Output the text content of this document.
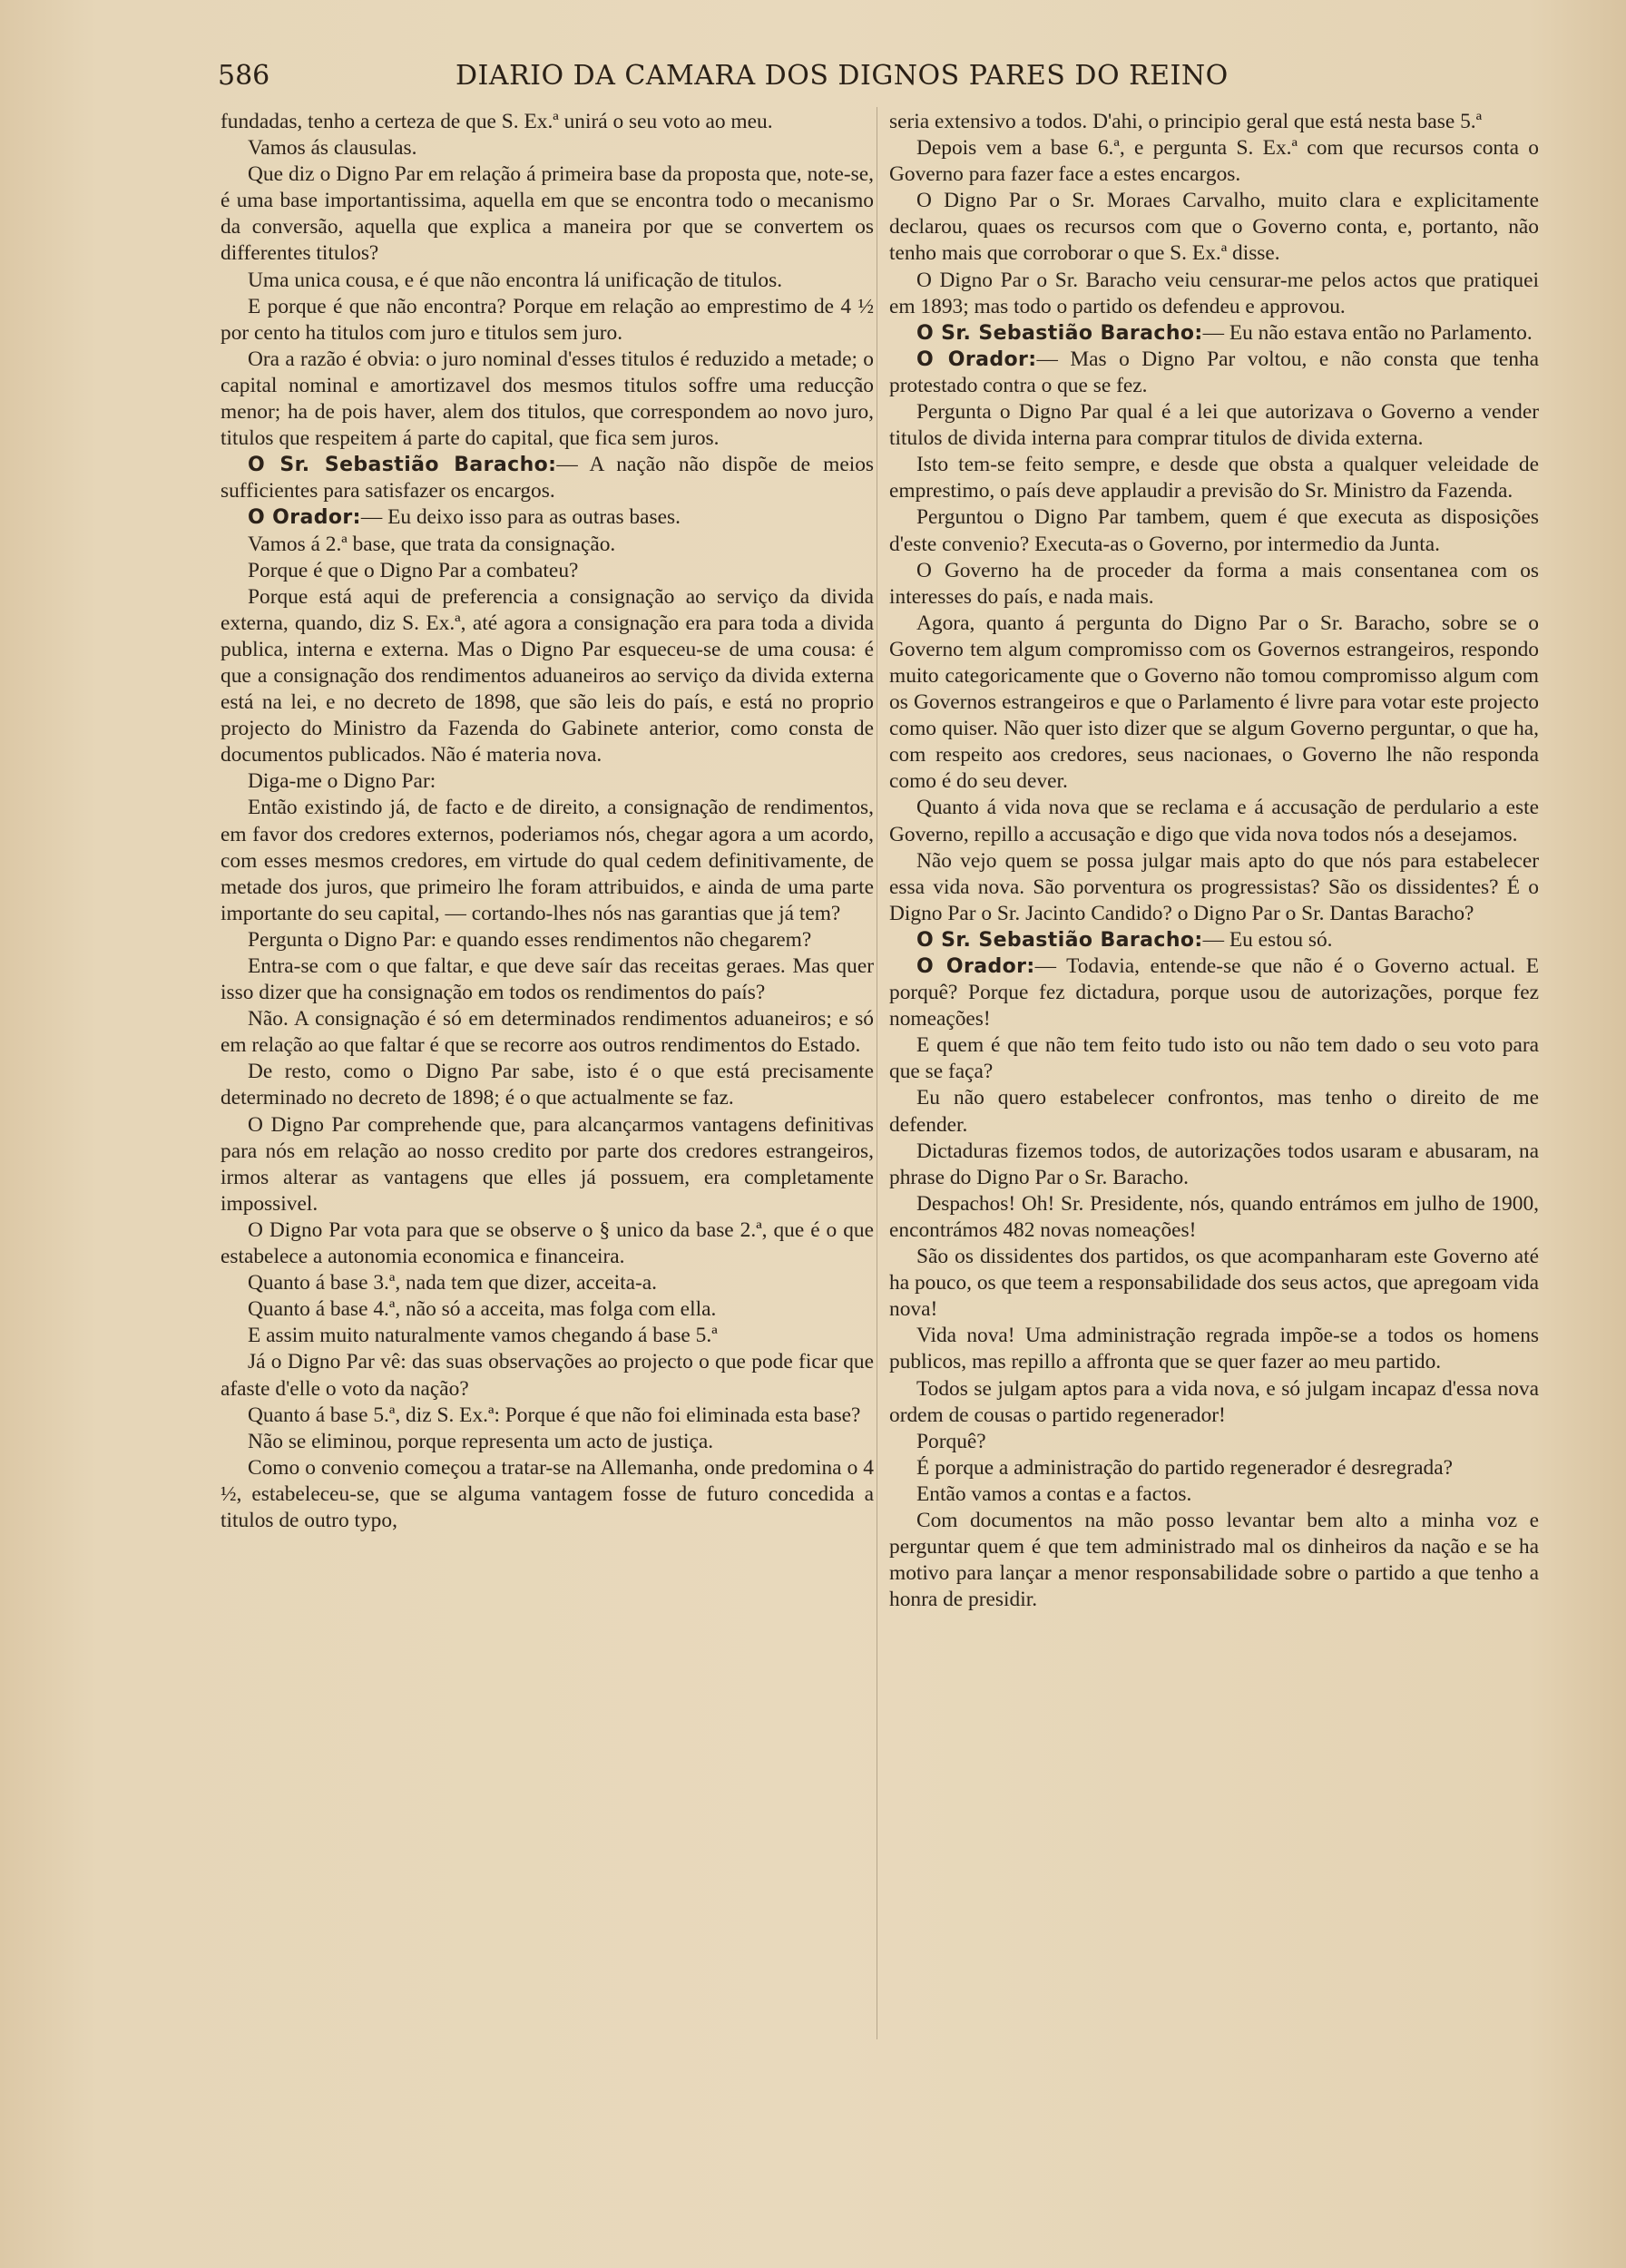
586	DIARIO DA CAMARA DOS DIGNOS PARES DO REINO

fundadas, tenho a certeza de que S. Ex.ª unirá o seu voto ao meu.

Vamos ás clausulas.

Que diz o Digno Par em relação á primeira base da proposta que, note-se, é uma base importantissima, aquella em que se encontra todo o mecanismo da conversão, aquella que explica a maneira por que se convertem os differentes titulos?

Uma unica cousa, e é que não encontra lá unificação de titulos.

E porque é que não encontra? Porque em relação ao emprestimo de 4 ½ por cento ha titulos com juro e titulos sem juro.

Ora a razão é obvia: o juro nominal d'esses titulos é reduzido a metade; o capital nominal e amortizavel dos mesmos titulos soffre uma reducção menor; ha de pois haver, alem dos titulos, que correspondem ao novo juro, titulos que respeitem á parte do capital, que fica sem juros.

O Sr. Sebastião Baracho:— A nação não dispõe de meios sufficientes para satisfazer os encargos.

O Orador:— Eu deixo isso para as outras bases.

Vamos á 2.ª base, que trata da consignação.

Porque é que o Digno Par a combateu?

Porque está aqui de preferencia a consignação ao serviço da divida externa, quando, diz S. Ex.ª, até agora a consignação era para toda a divida publica, interna e externa. Mas o Digno Par esqueceu-se de uma cousa: é que a consignação dos rendimentos aduaneiros ao serviço da divida externa está na lei, e no decreto de 1898, que são leis do país, e está no proprio projecto do Ministro da Fazenda do Gabinete anterior, como consta de documentos publicados. Não é materia nova.

Diga-me o Digno Par:

Então existindo já, de facto e de direito, a consignação de rendimentos, em favor dos credores externos, poderiamos nós, chegar agora a um acordo, com esses mesmos credores, em virtude do qual cedem definitivamente, de metade dos juros, que primeiro lhe foram attribuidos, e ainda de uma parte importante do seu capital, — cortando-lhes nós nas garantias que já tem?

Pergunta o Digno Par: e quando esses rendimentos não chegarem?

Entra-se com o que faltar, e que deve saír das receitas geraes. Mas quer isso dizer que ha consignação em todos os rendimentos do país?

Não. A consignação é só em determinados rendimentos aduaneiros; e só em relação ao que faltar é que se recorre aos outros rendimentos do Estado.

De resto, como o Digno Par sabe, isto é o que está precisamente determinado no decreto de 1898; é o que actualmente se faz.

O Digno Par comprehende que, para alcançarmos vantagens definitivas para nós em relação ao nosso credito por parte dos credores estrangeiros, irmos alterar as vantagens que elles já possuem, era completamente impossivel.

O Digno Par vota para que se observe o § unico da base 2.ª, que é o que estabelece a autonomia economica e financeira.

Quanto á base 3.ª, nada tem que dizer, acceita-a.

Quanto á base 4.ª, não só a acceita, mas folga com ella.

E assim muito naturalmente vamos chegando á base 5.ª

Já o Digno Par vê: das suas observações ao projecto o que pode ficar que afaste d'elle o voto da nação?

Quanto á base 5.ª, diz S. Ex.ª: Porque é que não foi eliminada esta base?

Não se eliminou, porque representa um acto de justiça.

Como o convenio começou a tratar-se na Allemanha, onde predomina o 4 ½, estabeleceu-se, que se alguma vantagem fosse de futuro concedida a titulos de outro typo,

seria extensivo a todos. D'ahi, o principio geral que está nesta base 5.ª

Depois vem a base 6.ª, e pergunta S. Ex.ª com que recursos conta o Governo para fazer face a estes encargos.

O Digno Par o Sr. Moraes Carvalho, muito clara e explicitamente declarou, quaes os recursos com que o Governo conta, e, portanto, não tenho mais que corroborar o que S. Ex.ª disse.

O Digno Par o Sr. Baracho veiu censurar-me pelos actos que pratiquei em 1893; mas todo o partido os defendeu e approvou.

O Sr. Sebastião Baracho:— Eu não estava então no Parlamento.

O Orador:— Mas o Digno Par voltou, e não consta que tenha protestado contra o que se fez.

Pergunta o Digno Par qual é a lei que autorizava o Governo a vender titulos de divida interna para comprar titulos de divida externa.

Isto tem-se feito sempre, e desde que obsta a qualquer veleidade de emprestimo, o país deve applaudir a previsão do Sr. Ministro da Fazenda.

Perguntou o Digno Par tambem, quem é que executa as disposições d'este convenio? Executa-as o Governo, por intermedio da Junta.

O Governo ha de proceder da forma a mais consentanea com os interesses do país, e nada mais.

Agora, quanto á pergunta do Digno Par o Sr. Baracho, sobre se o Governo tem algum compromisso com os Governos estrangeiros, respondo muito categoricamente que o Governo não tomou compromisso algum com os Governos estrangeiros e que o Parlamento é livre para votar este projecto como quiser. Não quer isto dizer que se algum Governo perguntar, o que ha, com respeito aos credores, seus nacionaes, o Governo lhe não responda como é do seu dever.

Quanto á vida nova que se reclama e á accusação de perdulario a este Governo, repillo a accusação e digo que vida nova todos nós a desejamos.

Não vejo quem se possa julgar mais apto do que nós para estabelecer essa vida nova. São porventura os progressistas? São os dissidentes? É o Digno Par o Sr. Jacinto Candido? o Digno Par o Sr. Dantas Baracho?

O Sr. Sebastião Baracho:— Eu estou só.

O Orador:— Todavia, entende-se que não é o Governo actual. E porquê? Porque fez dictadura, porque usou de autorizações, porque fez nomeações!

E quem é que não tem feito tudo isto ou não tem dado o seu voto para que se faça?

Eu não quero estabelecer confrontos, mas tenho o direito de me defender.

Dictaduras fizemos todos, de autorizações todos usaram e abusaram, na phrase do Digno Par o Sr. Baracho.

Despachos! Oh! Sr. Presidente, nós, quando entrámos em julho de 1900, encontrámos 482 novas nomeações!

São os dissidentes dos partidos, os que acompanharam este Governo até ha pouco, os que teem a responsabilidade dos seus actos, que apregoam vida nova!

Vida nova! Uma administração regrada impõe-se a todos os homens publicos, mas repillo a affronta que se quer fazer ao meu partido.

Todos se julgam aptos para a vida nova, e só julgam incapaz d'essa nova ordem de cousas o partido regenerador!

Porquê?

É porque a administração do partido regenerador é desregrada?

Então vamos a contas e a factos.

Com documentos na mão posso levantar bem alto a minha voz e perguntar quem é que tem administrado mal os dinheiros da nação e se ha motivo para lançar a menor responsabilidade sobre o partido a que tenho a honra de presidir.
